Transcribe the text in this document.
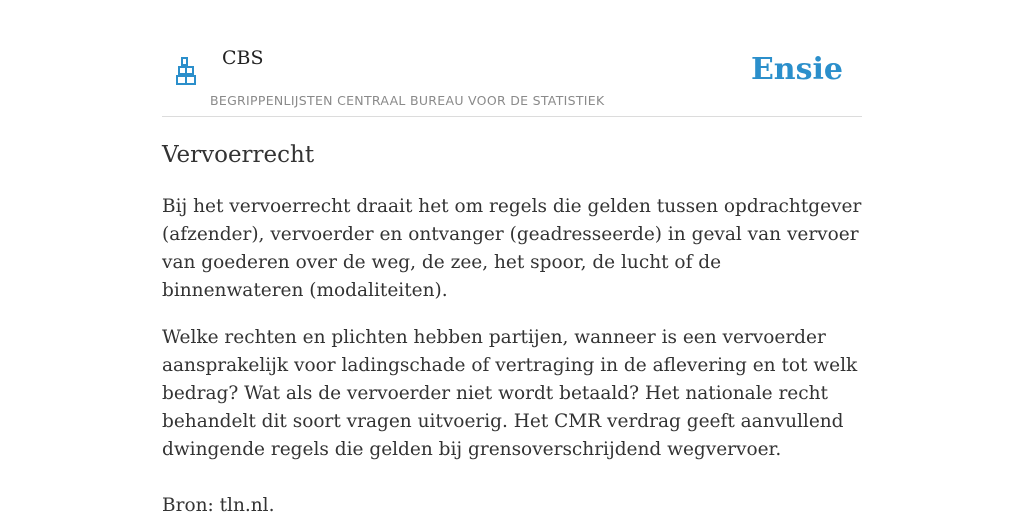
CBS
BEGRIPPENLIJSTEN CENTRAAL BUREAU VOOR DE STATISTIEK
Ensie
Vervoerrecht

Bij het vervoerrecht draait het om regels die gelden tussen opdrachtgever (afzender), vervoerder en ontvanger (geadresseerde) in geval van vervoer van goederen over de weg, de zee, het spoor, de lucht of de binnenwateren (modaliteiten).

Welke rechten en plichten hebben partijen, wanneer is een vervoerder aansprakelijk voor ladingschade of vertraging in de aflevering en tot welk bedrag? Wat als de vervoerder niet wordt betaald? Het nationale recht behandelt dit soort vragen uitvoerig. Het CMR verdrag geeft aanvullend dwingende regels die gelden bij grensoverschrijdend wegvervoer.

Bron: tln.nl.
